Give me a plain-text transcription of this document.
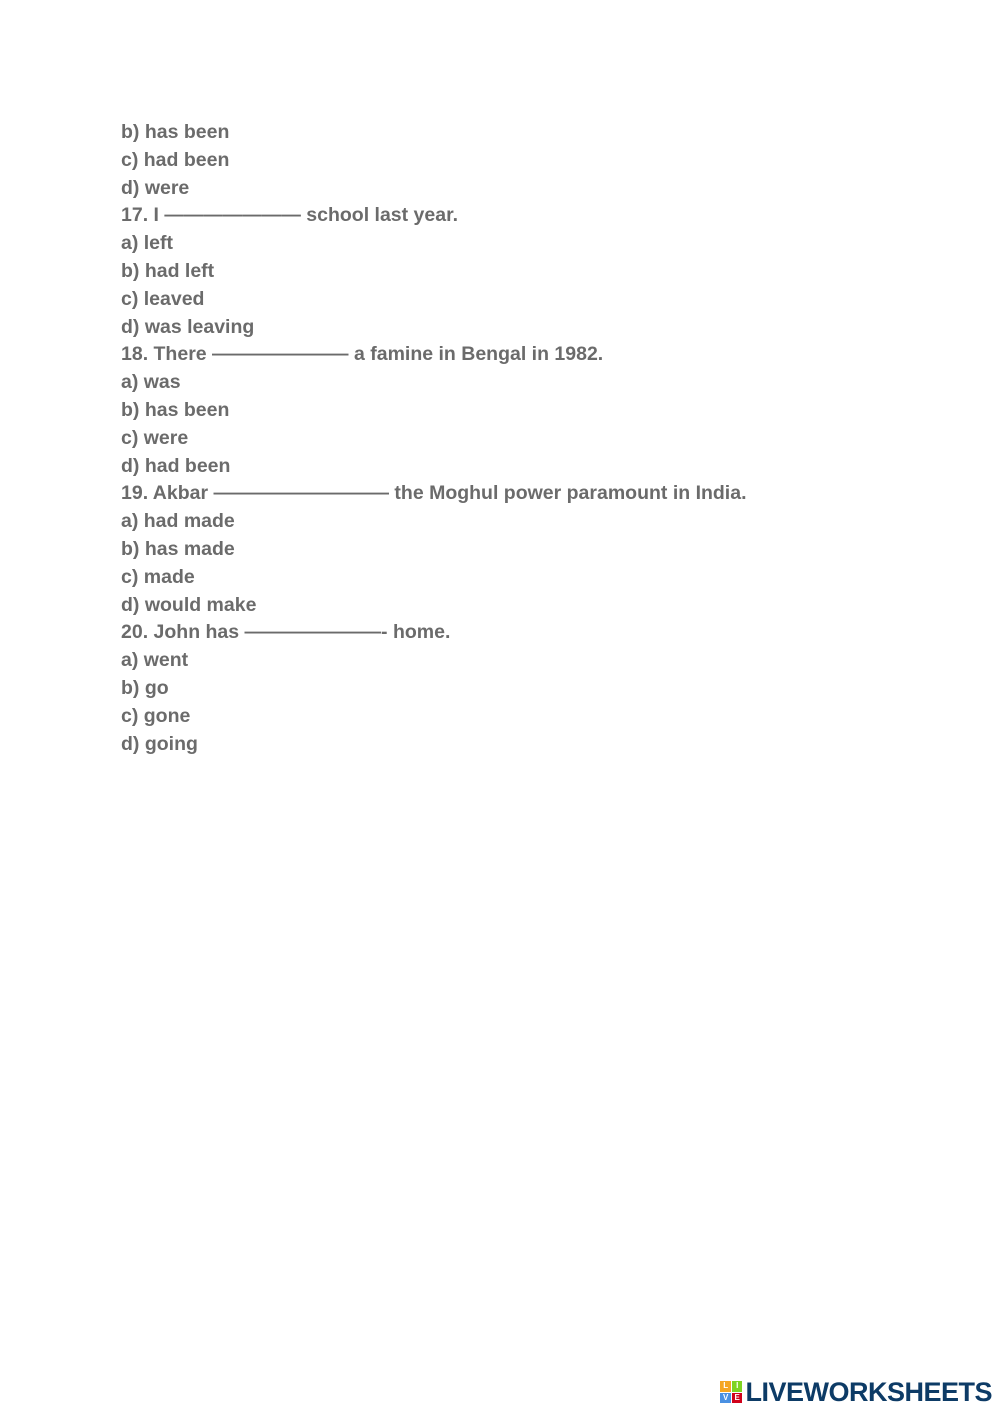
b) has been
c) had been
d) were
17. I ——————— school last year.
a) left
b) had left
c) leaved
d) was leaving
18. There ——————— a famine in Bengal in 1982.
a) was
b) has been
c) were
d) had been
19. Akbar ————————— the Moghul power paramount in India.
a) had made
b) has made
c) made
d) would make
20. John has ———————- home.
a) went
b) go
c) gone
d) going
L I
V E LIVEWORKSHEETS
